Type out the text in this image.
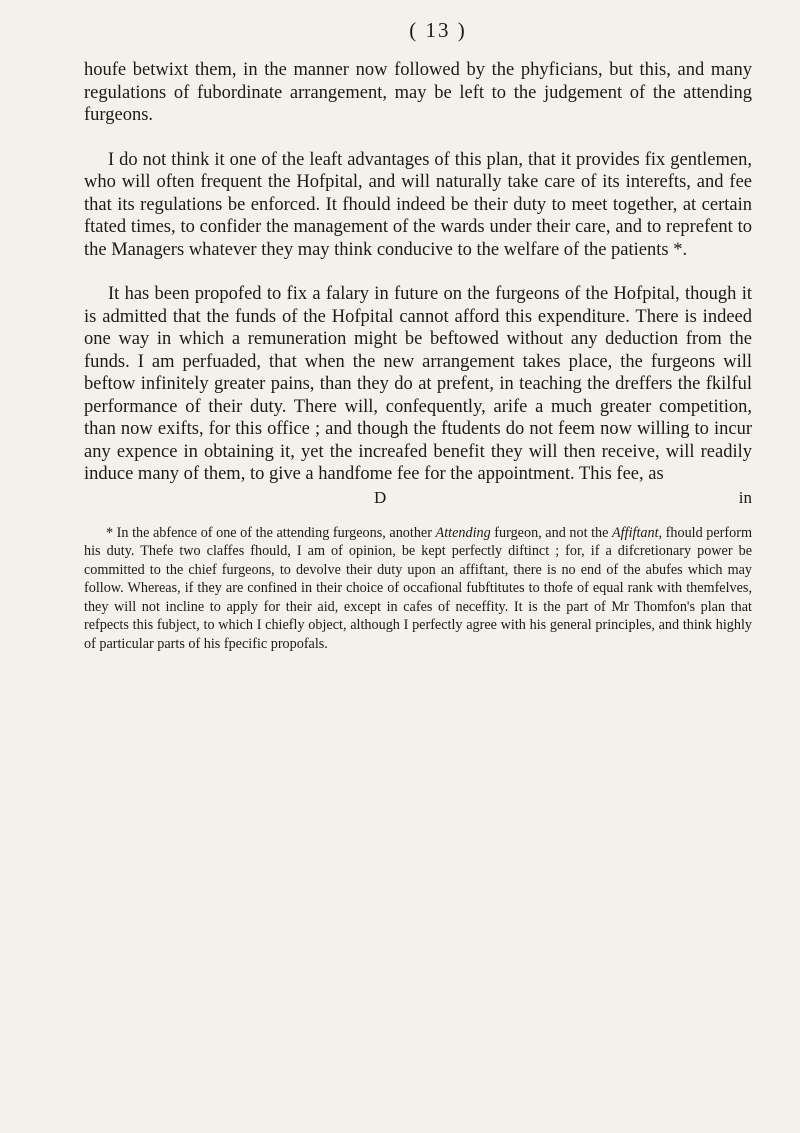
( 13 )

houfe betwixt them, in the manner now followed by the phyficians, but this, and many regulations of fubordinate arrangement, may be left to the judgement of the attending furgeons.

I do not think it one of the leaft advantages of this plan, that it provides fix gentlemen, who will often frequent the Hofpital, and will naturally take care of its interefts, and fee that its regulations be enforced. It fhould indeed be their duty to meet together, at certain ftated times, to confider the management of the wards under their care, and to reprefent to the Managers whatever they may think conducive to the welfare of the patients *.

It has been propofed to fix a falary in future on the furgeons of the Hofpital, though it is admitted that the funds of the Hofpital cannot afford this expenditure. There is indeed one way in which a remuneration might be beftowed without any deduction from the funds. I am perfuaded, that when the new arrangement takes place, the furgeons will beftow infinitely greater pains, than they do at prefent, in teaching the dreffers the fkilful performance of their duty. There will, confequently, arife a much greater competition, than now exifts, for this office ; and though the ftudents do not feem now willing to incur any expence in obtaining it, yet the increafed benefit they will then receive, will readily induce many of them, to give a handfome fee for the appointment. This fee, as

D	in

* In the abfence of one of the attending furgeons, another Attending furgeon, and not the Affiftant, fhould perform his duty. Thefe two claffes fhould, I am of opinion, be kept perfectly diftinct ; for, if a difcretionary power be committed to the chief furgeons, to devolve their duty upon an affiftant, there is no end of the abufes which may follow. Whereas, if they are confined in their choice of occafional fubftitutes to thofe of equal rank with themfelves, they will not incline to apply for their aid, except in cafes of neceffity. It is the part of Mr Thomfon's plan that refpects this fubject, to which I chiefly object, although I perfectly agree with his general principles, and think highly of particular parts of his fpecific propofals.
